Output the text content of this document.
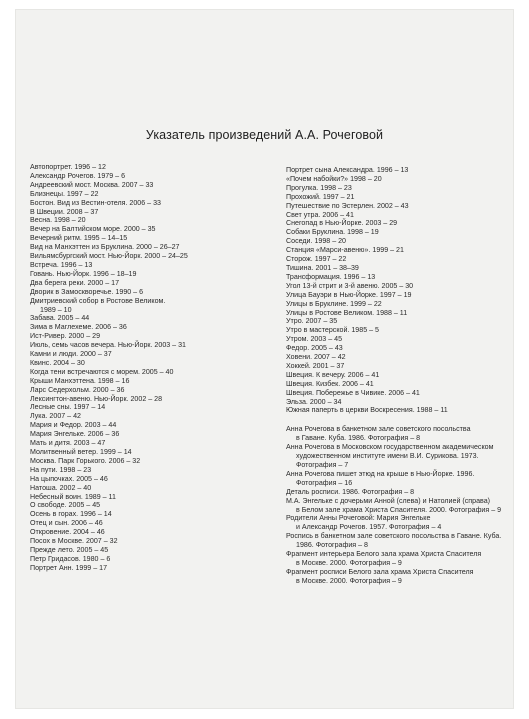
Указатель произведений А.А. Рочеговой
Автопортрет. 1996 – 12
Александр Рочегов. 1979 – 6
Андреевский мост. Москва. 2007 – 33
Близнецы. 1997 – 22
Бостон. Вид из Вестин-отеля. 2006 – 33
В Швеции. 2008 – 37
Весна. 1998 – 20
Вечер на Балтийском море. 2000 – 35
Вечерний ритм. 1995 – 14–15
Вид на Манхэттен из Бруклина. 2000 – 26–27
Вильямсбургский мост. Нью-Йорк. 2000 – 24–25
Встреча. 1996 – 13
Говань. Нью-Йорк. 1996 – 18–19
Два берега реки. 2000 – 17
Дворик в Замоскворечье. 1990 – 6
Дмитриевский собор в Ростове Великом.
1989 – 10
Забава. 2005 – 44
Зима в Маглехеме. 2006 – 36
Ист-Ривер. 2000 – 29
Июль, семь часов вечера. Нью-Йорк. 2003 – 31
Камни и люди. 2000 – 37
Квинс. 2004 – 30
Когда тени встречаются с морем. 2005 – 40
Крыши Манхэттена. 1998 – 16
Ларс Седерхольм. 2000 – 36
Лексингтон-авеню. Нью-Йорк. 2002 – 28
Лесные сны. 1997 – 14
Лука. 2007 – 42
Мария и Федор. 2003 – 44
Мария Энгельке. 2006 – 36
Мать и дитя. 2003 – 47
Молитвенный ветер. 1999 – 14
Москва. Парк Горького. 2006 – 32
На пути. 1998 – 23
На цыпочках. 2005 – 46
Натоша. 2002 – 40
Небесный воин. 1989 – 11
О свободе. 2005 – 45
Осень в горах. 1996 – 14
Отец и сын. 2006 – 46
Откровение. 2004 – 46
Посох в Москве. 2007 – 32
Прежде лето. 2005 – 45
Петр Гридасов. 1980 – 6
Портрет Анн. 1999 – 17
Портрет сына Александра. 1996 – 13
«Почем набойки?» 1998 – 20
Прогулка. 1998 – 23
Прохожий. 1997 – 21
Путешествие по Эстерлен. 2002 – 43
Свет утра. 2006 – 41
Снегопад в Нью-Йорке. 2003 – 29
Собаки Бруклина. 1998 – 19
Соседи. 1998 – 20
Станция «Марси-авеню». 1999 – 21
Сторож. 1997 – 22
Тишина. 2001 – 38–39
Трансформация. 1996 – 13
Угол 13-й стрит и 3-й авеню. 2005 – 30
Улица Бауэри в Нью-Йорке. 1997 – 19
Улицы в Бруклине. 1999 – 22
Улицы в Ростове Великом. 1988 – 11
Утро. 2007 – 35
Утро в мастерской. 1985 – 5
Утром. 2003 – 45
Федор. 2005 – 43
Ховени. 2007 – 42
Хоккей. 2001 – 37
Швеция. К вечеру. 2006 – 41
Швеция. Кизбек. 2006 – 41
Швеция. Побережье в Чивике. 2006 – 41
Эльза. 2000 – 34
Южная паперть в церкви Воскресения. 1988 – 11
Анна Рочегова в банкетном зале советского посольства
в Гаване. Куба. 1986. Фотография – 8
Анна Рочегова в Московском государственном академическом
художественном институте имени В.И. Сурикова. 1973.
Фотография – 7
Анна Рочегова пишет этюд на крыше в Нью-Йорке. 1996.
Фотография – 16
Деталь росписи. 1986. Фотография – 8
М.А. Энгельке с дочерьми Анной (слева) и Натолией (справа)
в Белом зале храма Христа Спасителя. 2000. Фотография – 9
Родители Анны Рочеговой: Мария Энгельке
и Александр Рочегов. 1957. Фотография – 4
Роспись в банкетном зале советского посольства в Гаване. Куба.
1986. Фотография – 8
Фрагмент интерьера Белого зала храма Христа Спасителя
в Москве. 2000. Фотография – 9
Фрагмент росписи Белого зала храма Христа Спасителя
в Москве. 2000. Фотография – 9
